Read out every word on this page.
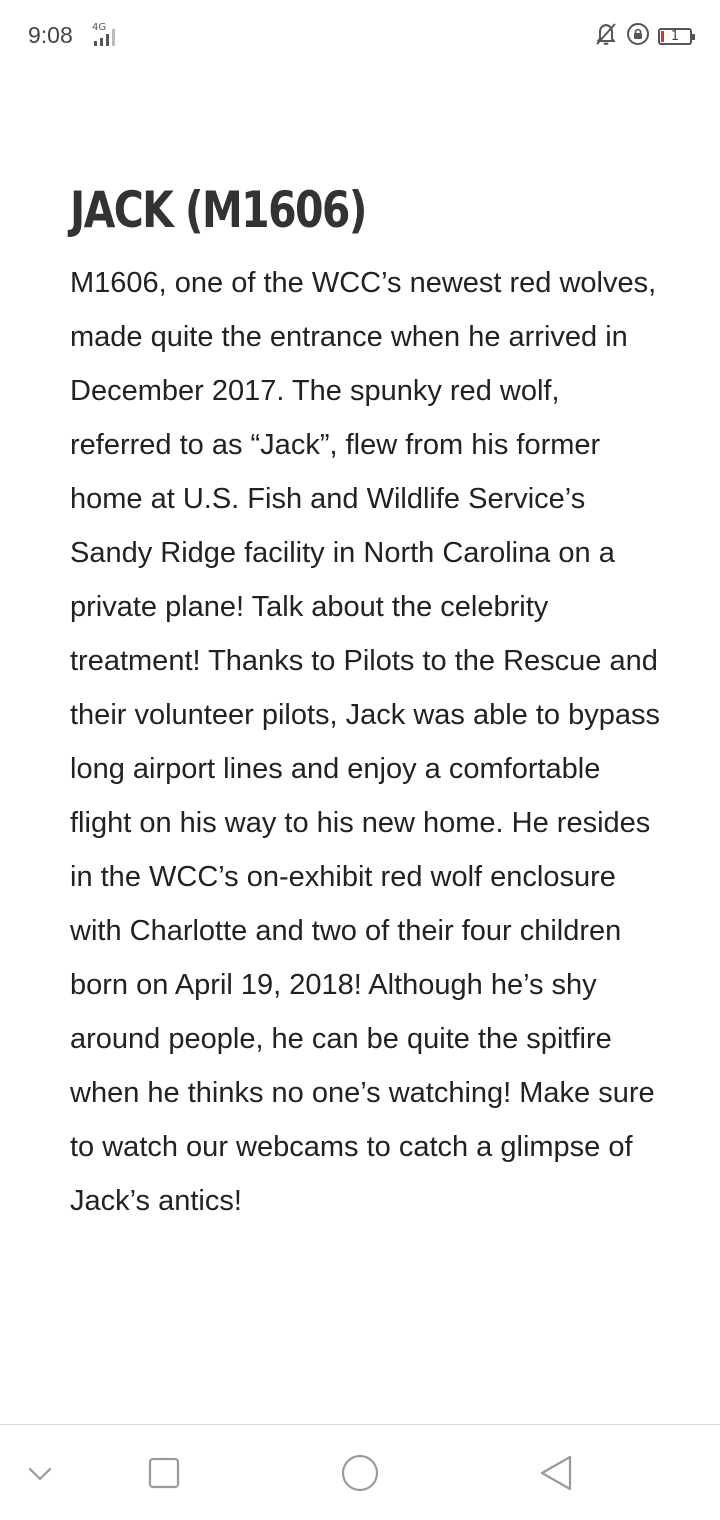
9:08 4G
1
JACK (M1606)

M1606, one of the WCC’s newest red wolves, made quite the entrance when he arrived in December 2017. The spunky red wolf, referred to as “Jack”, flew from his former home at U.S. Fish and Wildlife Service’s Sandy Ridge facility in North Carolina on a private plane! Talk about the celebrity treatment! Thanks to Pilots to the Rescue and their volunteer pilots, Jack was able to bypass long airport lines and enjoy a comfortable flight on his way to his new home. He resides in the WCC’s on-exhibit red wolf enclosure with Charlotte and two of their four children born on April 19, 2018! Although he’s shy around people, he can be quite the spitfire when he thinks no one’s watching! Make sure to watch our webcams to catch a glimpse of Jack’s antics!
